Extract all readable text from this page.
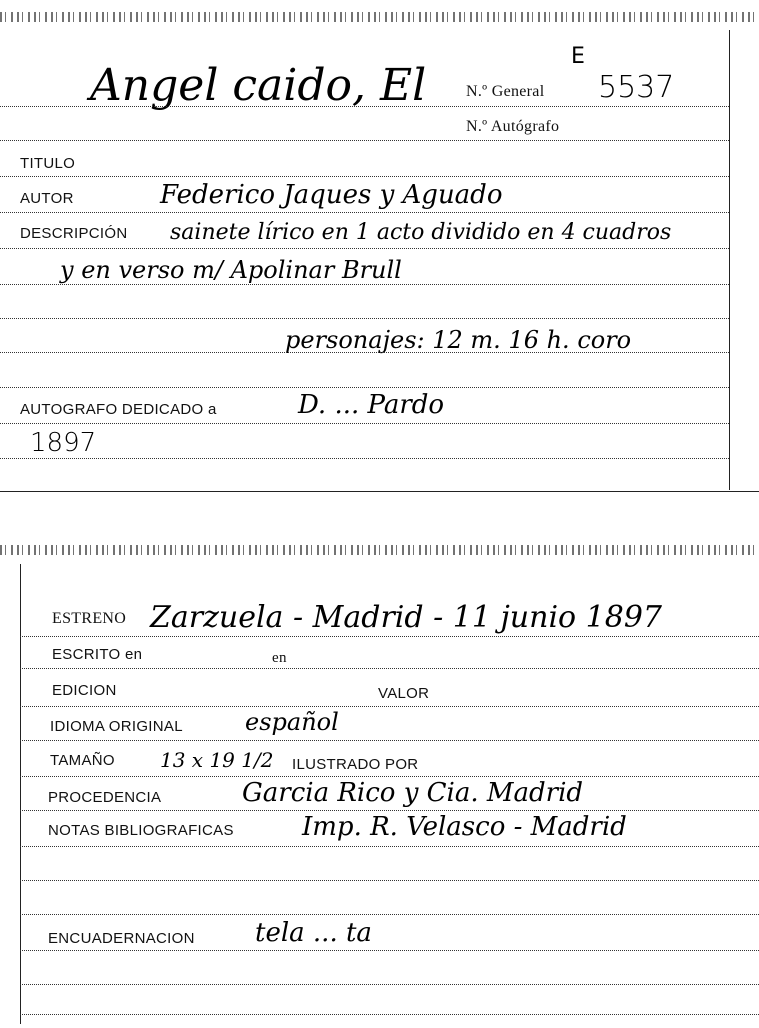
Angel caido, El
E
N.º General 5537
N.º Autógrafo
TITULO
AUTOR	Federico Jaques y Aguado
DESCRIPCIÓN sainete lírico en 1 acto dividido en 4 cuadros
y en verso m/ Apolinar Brull
personajes: 12 m. 16 h. coro
AUTOGRAFO DEDICADO a	D. ... Pardo
1897
ESTRENO Zarzuela - Madrid - 11 junio 1897
ESCRITO en	en
EDICION	VALOR
IDIOMA ORIGINAL	español
TAMAÑO 13 x 19 1/2 ILUSTRADO POR
PROCEDENCIA	Garcia Rico y Cia. Madrid
NOTAS BIBLIOGRAFICAS	Imp. R. Velasco - Madrid
ENCUADERNACION tela ... ta
